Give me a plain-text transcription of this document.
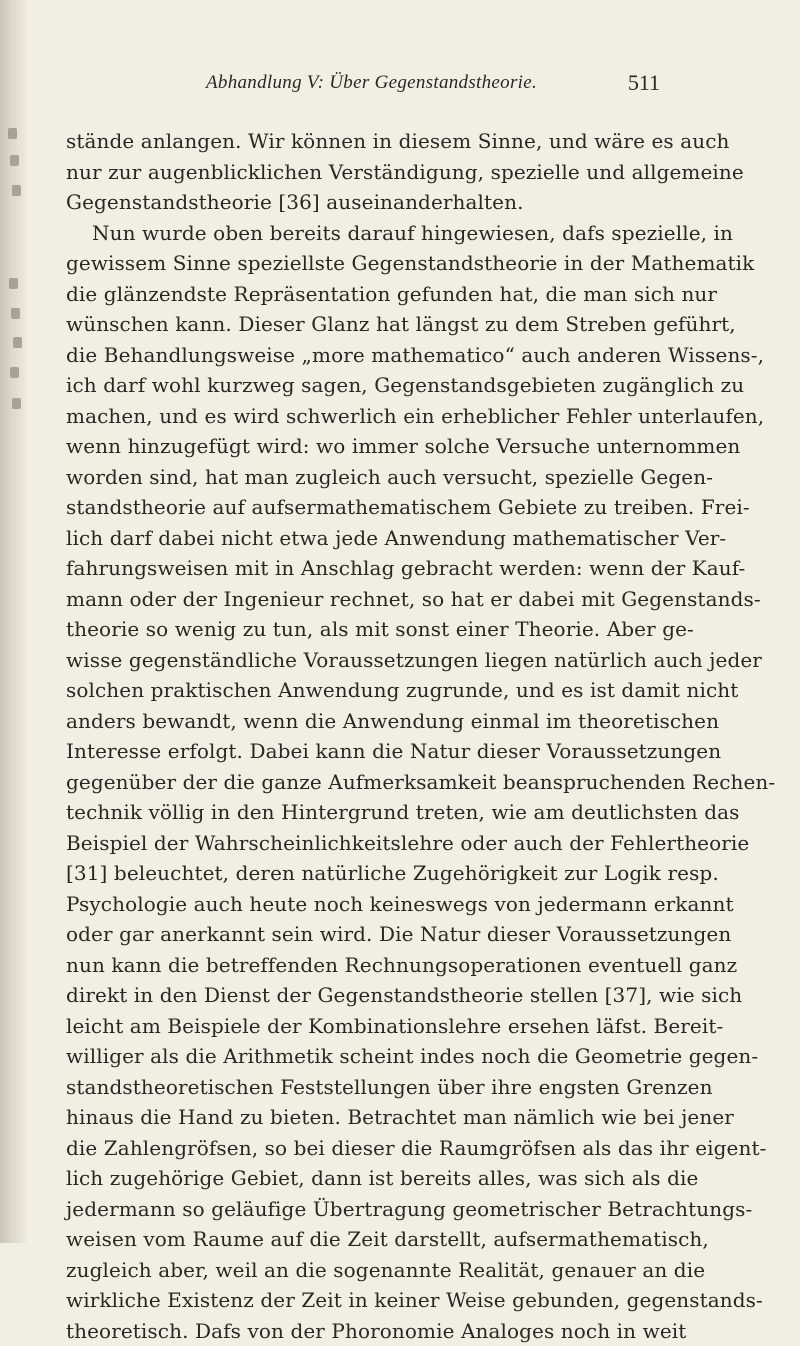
Abhandlung V: Über Gegenstandstheorie.	511
stände anlangen. Wir können in diesem Sinne, und wäre es auch
nur zur augenblicklichen Verständigung, spezielle und allgemeine
Gegenstandstheorie [36] auseinanderhalten.
Nun wurde oben bereits darauf hingewiesen, dafs spezielle, in
gewissem Sinne speziellste Gegenstandstheorie in der Mathematik
die glänzendste Repräsentation gefunden hat, die man sich nur
wünschen kann. Dieser Glanz hat längst zu dem Streben geführt,
die Behandlungsweise „more mathematico“ auch anderen Wissens-,
ich darf wohl kurzweg sagen, Gegenstandsgebieten zugänglich zu
machen, und es wird schwerlich ein erheblicher Fehler unterlaufen,
wenn hinzugefügt wird: wo immer solche Versuche unternommen
worden sind, hat man zugleich auch versucht, spezielle Gegen-
standstheorie auf aufsermathematischem Gebiete zu treiben. Frei-
lich darf dabei nicht etwa jede Anwendung mathematischer Ver-
fahrungsweisen mit in Anschlag gebracht werden: wenn der Kauf-
mann oder der Ingenieur rechnet, so hat er dabei mit Gegenstands-
theorie so wenig zu tun, als mit sonst einer Theorie. Aber ge-
wisse gegenständliche Voraussetzungen liegen natürlich auch jeder
solchen praktischen Anwendung zugrunde, und es ist damit nicht
anders bewandt, wenn die Anwendung einmal im theoretischen
Interesse erfolgt. Dabei kann die Natur dieser Voraussetzungen
gegenüber der die ganze Aufmerksamkeit beanspruchenden Rechen-
technik völlig in den Hintergrund treten, wie am deutlichsten das
Beispiel der Wahrscheinlichkeitslehre oder auch der Fehlertheorie
[31] beleuchtet, deren natürliche Zugehörigkeit zur Logik resp.
Psychologie auch heute noch keineswegs von jedermann erkannt
oder gar anerkannt sein wird. Die Natur dieser Voraussetzungen
nun kann die betreffenden Rechnungsoperationen eventuell ganz
direkt in den Dienst der Gegenstandstheorie stellen [37], wie sich
leicht am Beispiele der Kombinationslehre ersehen läfst. Bereit-
williger als die Arithmetik scheint indes noch die Geometrie gegen-
standstheoretischen Feststellungen über ihre engsten Grenzen
hinaus die Hand zu bieten. Betrachtet man nämlich wie bei jener
die Zahlengröfsen, so bei dieser die Raumgröfsen als das ihr eigent-
lich zugehörige Gebiet, dann ist bereits alles, was sich als die
jedermann so geläufige Übertragung geometrischer Betrachtungs-
weisen vom Raume auf die Zeit darstellt, aufsermathematisch,
zugleich aber, weil an die sogenannte Realität, genauer an die
wirkliche Existenz der Zeit in keiner Weise gebunden, gegenstands-
theoretisch. Dafs von der Phoronomie Analoges noch in weit
